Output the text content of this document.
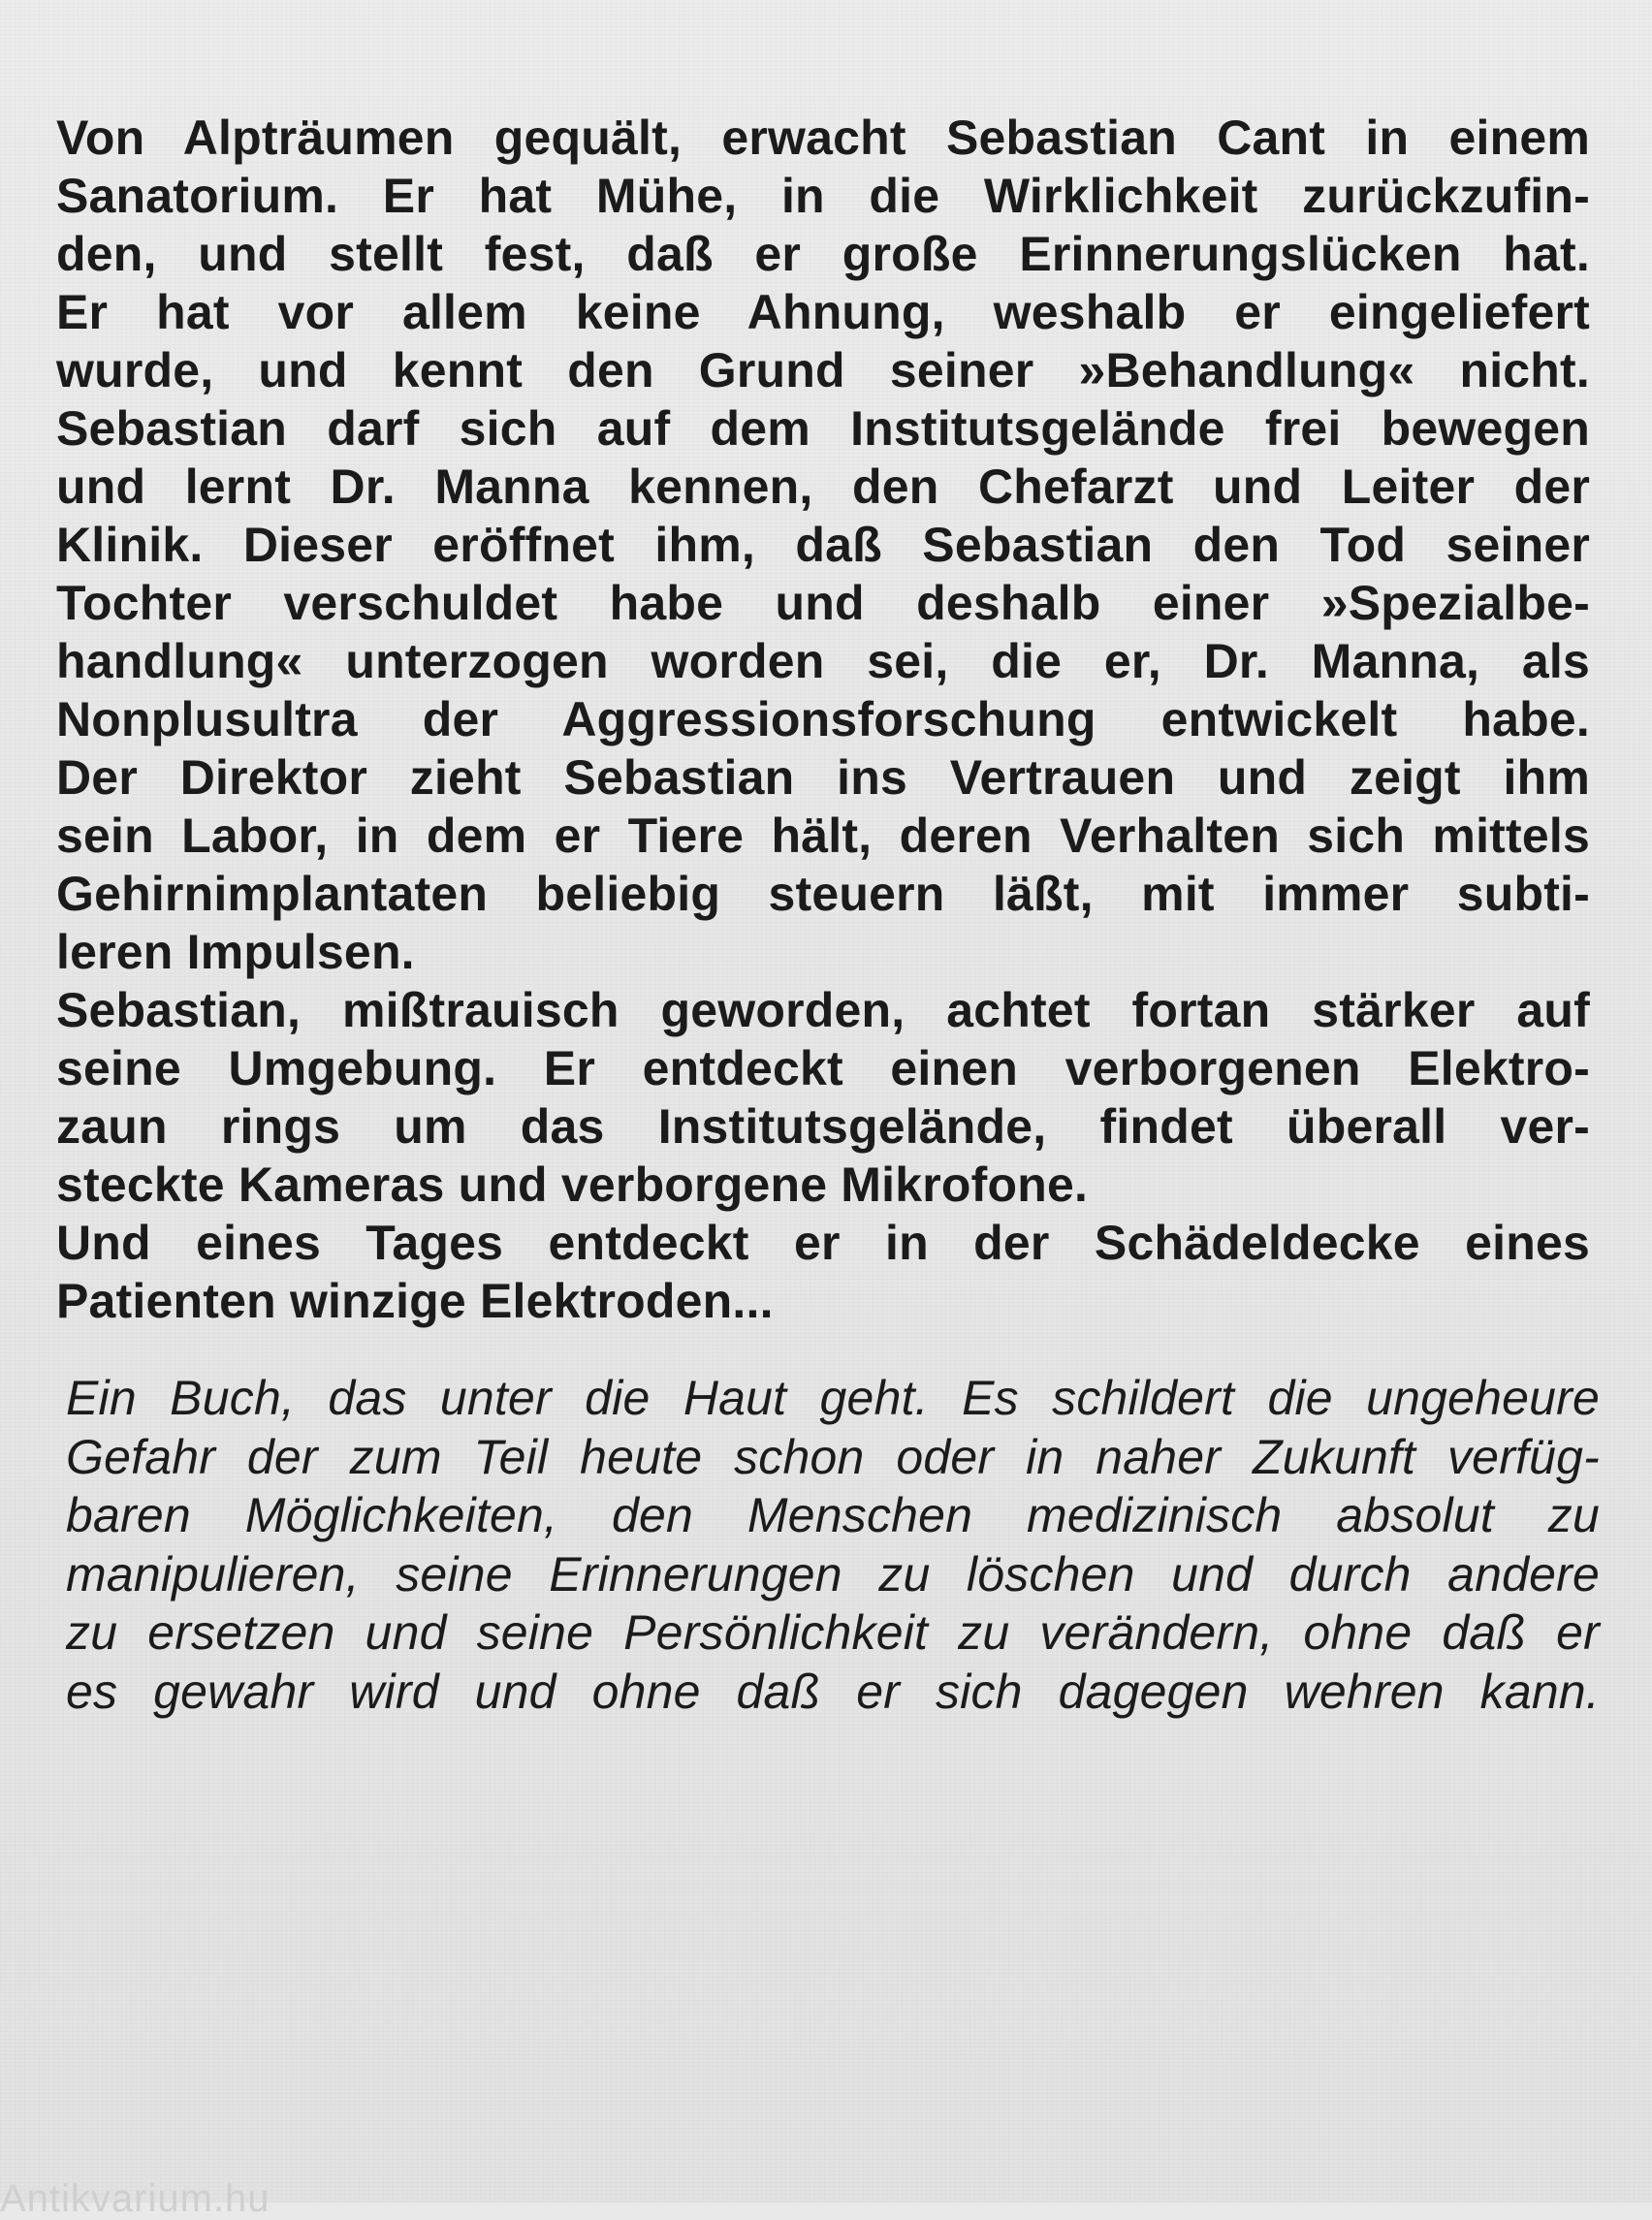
Von Alpträumen gequält, erwacht Sebastian Cant in einem
Sanatorium. Er hat Mühe, in die Wirklichkeit zurückzufin-
den, und stellt fest, daß er große Erinnerungslücken hat.
Er hat vor allem keine Ahnung, weshalb er eingeliefert
wurde, und kennt den Grund seiner »Behandlung« nicht.
Sebastian darf sich auf dem Institutsgelände frei bewegen
und lernt Dr. Manna kennen, den Chefarzt und Leiter der
Klinik. Dieser eröffnet ihm, daß Sebastian den Tod seiner
Tochter verschuldet habe und deshalb einer »Spezialbe-
handlung« unterzogen worden sei, die er, Dr. Manna, als
Nonplusultra der Aggressionsforschung entwickelt habe.
Der Direktor zieht Sebastian ins Vertrauen und zeigt ihm
sein Labor, in dem er Tiere hält, deren Verhalten sich mittels
Gehirnimplantaten beliebig steuern läßt, mit immer subti-
leren Impulsen.
Sebastian, mißtrauisch geworden, achtet fortan stärker auf
seine Umgebung. Er entdeckt einen verborgenen Elektro-
zaun rings um das Institutsgelände, findet überall ver-
steckte Kameras und verborgene Mikrofone.
Und eines Tages entdeckt er in der Schädeldecke eines
Patienten winzige Elektroden...
Ein Buch, das unter die Haut geht. Es schildert die ungeheure
Gefahr der zum Teil heute schon oder in naher Zukunft verfüg-
baren Möglichkeiten, den Menschen medizinisch absolut zu
manipulieren, seine Erinnerungen zu löschen und durch andere
zu ersetzen und seine Persönlichkeit zu verändern, ohne daß er
es gewahr wird und ohne daß er sich dagegen wehren kann.
Antikvarium.hu
